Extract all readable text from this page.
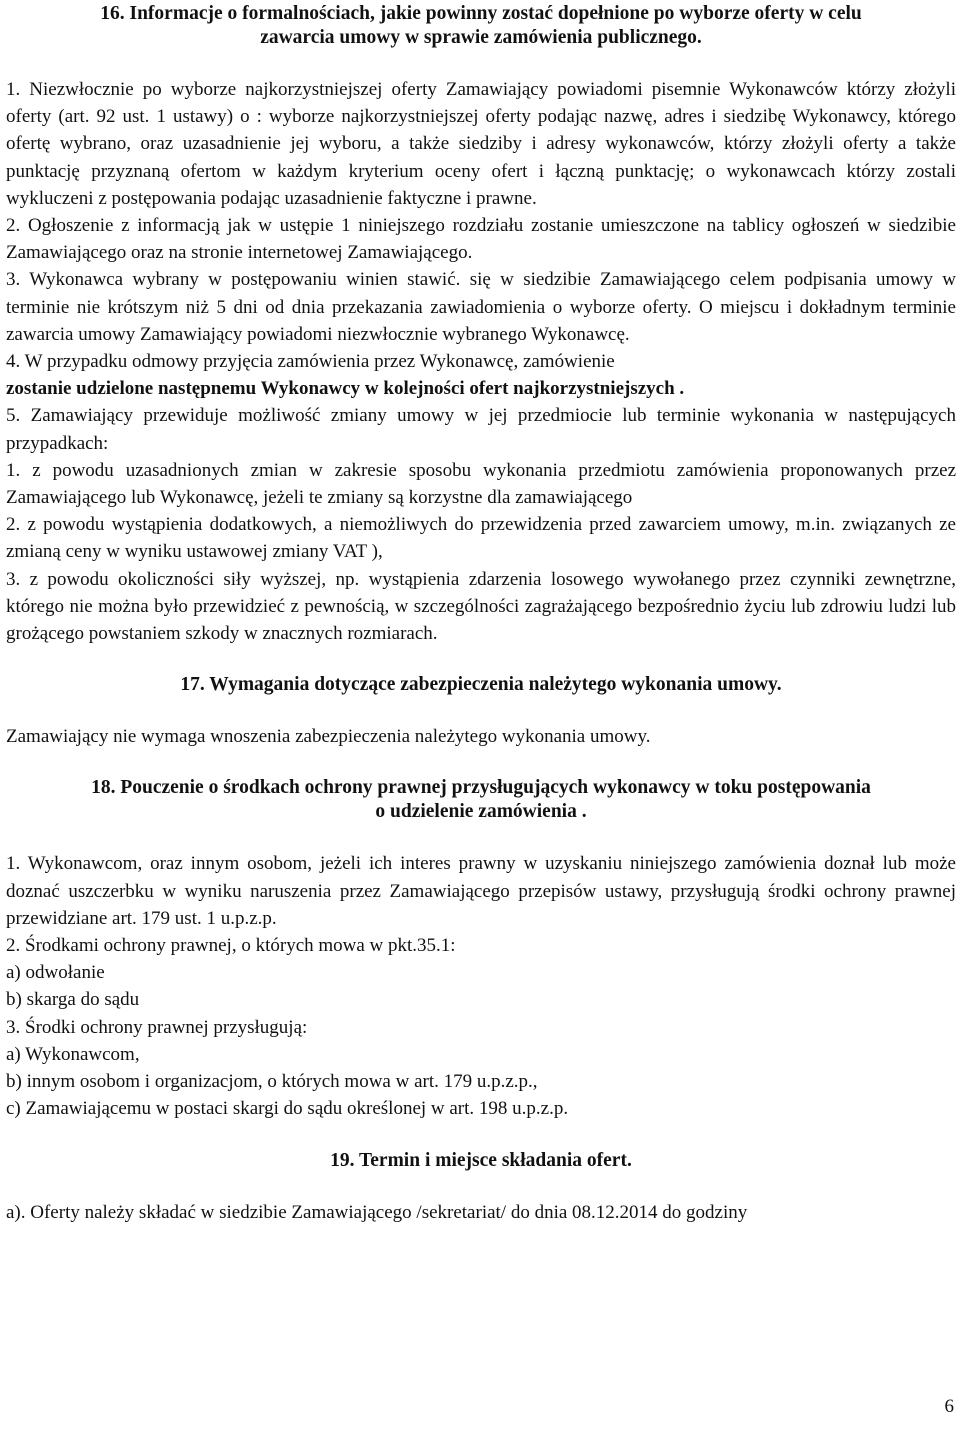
16. Informacje o formalnościach, jakie powinny zostać dopełnione po wyborze oferty w celu

zawarcia umowy w sprawie zamówienia publicznego.

1. Niezwłocznie po wyborze najkorzystniejszej oferty Zamawiający powiadomi pisemnie Wykonawców którzy złożyli oferty (art. 92 ust. 1 ustawy) o : wyborze najkorzystniejszej oferty podając nazwę, adres i siedzibę Wykonawcy, którego ofertę wybrano, oraz uzasadnienie jej wyboru, a także siedziby i adresy wykonawców, którzy złożyli oferty a także punktację przyznaną ofertom w każdym kryterium oceny ofert i łączną punktację; o wykonawcach którzy zostali wykluczeni z postępowania podając uzasadnienie faktyczne i prawne.

2. Ogłoszenie z informacją jak w ustępie 1 niniejszego rozdziału zostanie umieszczone na tablicy ogłoszeń w siedzibie Zamawiającego oraz na stronie internetowej Zamawiającego.

3. Wykonawca wybrany w postępowaniu winien stawić. się w siedzibie Zamawiającego celem podpisania umowy w terminie nie krótszym niż 5 dni od dnia przekazania zawiadomienia o wyborze oferty. O miejscu i dokładnym terminie zawarcia umowy Zamawiający powiadomi niezwłocznie wybranego Wykonawcę.

4. W przypadku odmowy przyjęcia zamówienia przez Wykonawcę, zamówienie
zostanie udzielone następnemu Wykonawcy w kolejności ofert najkorzystniejszych .

5. Zamawiający przewiduje możliwość zmiany umowy w jej przedmiocie lub terminie wykonania w następujących przypadkach:

1. z powodu uzasadnionych zmian w zakresie sposobu wykonania przedmiotu zamówienia proponowanych przez Zamawiającego lub Wykonawcę, jeżeli te zmiany są korzystne dla zamawiającego

2. z powodu wystąpienia dodatkowych, a niemożliwych do przewidzenia przed zawarciem umowy, m.in. związanych ze zmianą ceny w wyniku ustawowej zmiany VAT ),

3. z powodu okoliczności siły wyższej, np. wystąpienia zdarzenia losowego wywołanego przez czynniki zewnętrzne, którego nie można było przewidzieć z pewnością, w szczególności zagrażającego bezpośrednio życiu lub zdrowiu ludzi lub grożącego powstaniem szkody w znacznych rozmiarach.

17. Wymagania dotyczące zabezpieczenia należytego wykonania umowy.

Zamawiający nie wymaga wnoszenia zabezpieczenia należytego wykonania umowy.

18. Pouczenie o środkach ochrony prawnej przysługujących wykonawcy w toku postępowania

o udzielenie zamówienia .

1. Wykonawcom, oraz innym osobom, jeżeli ich interes prawny w uzyskaniu niniejszego zamówienia doznał lub może doznać uszczerbku w wyniku naruszenia przez Zamawiającego przepisów ustawy, przysługują środki ochrony prawnej przewidziane art. 179 ust. 1 u.p.z.p.

2. Środkami ochrony prawnej, o których mowa w pkt.35.1:

a) odwołanie

b) skarga do sądu

3. Środki ochrony prawnej przysługują:

a) Wykonawcom,

b) innym osobom i organizacjom, o których mowa w art. 179 u.p.z.p.,

c) Zamawiającemu w postaci skargi do sądu określonej w art. 198 u.p.z.p.

19. Termin i miejsce składania ofert.

a). Oferty należy składać w siedzibie Zamawiającego /sekretariat/ do dnia 08.12.2014 do godziny

6
